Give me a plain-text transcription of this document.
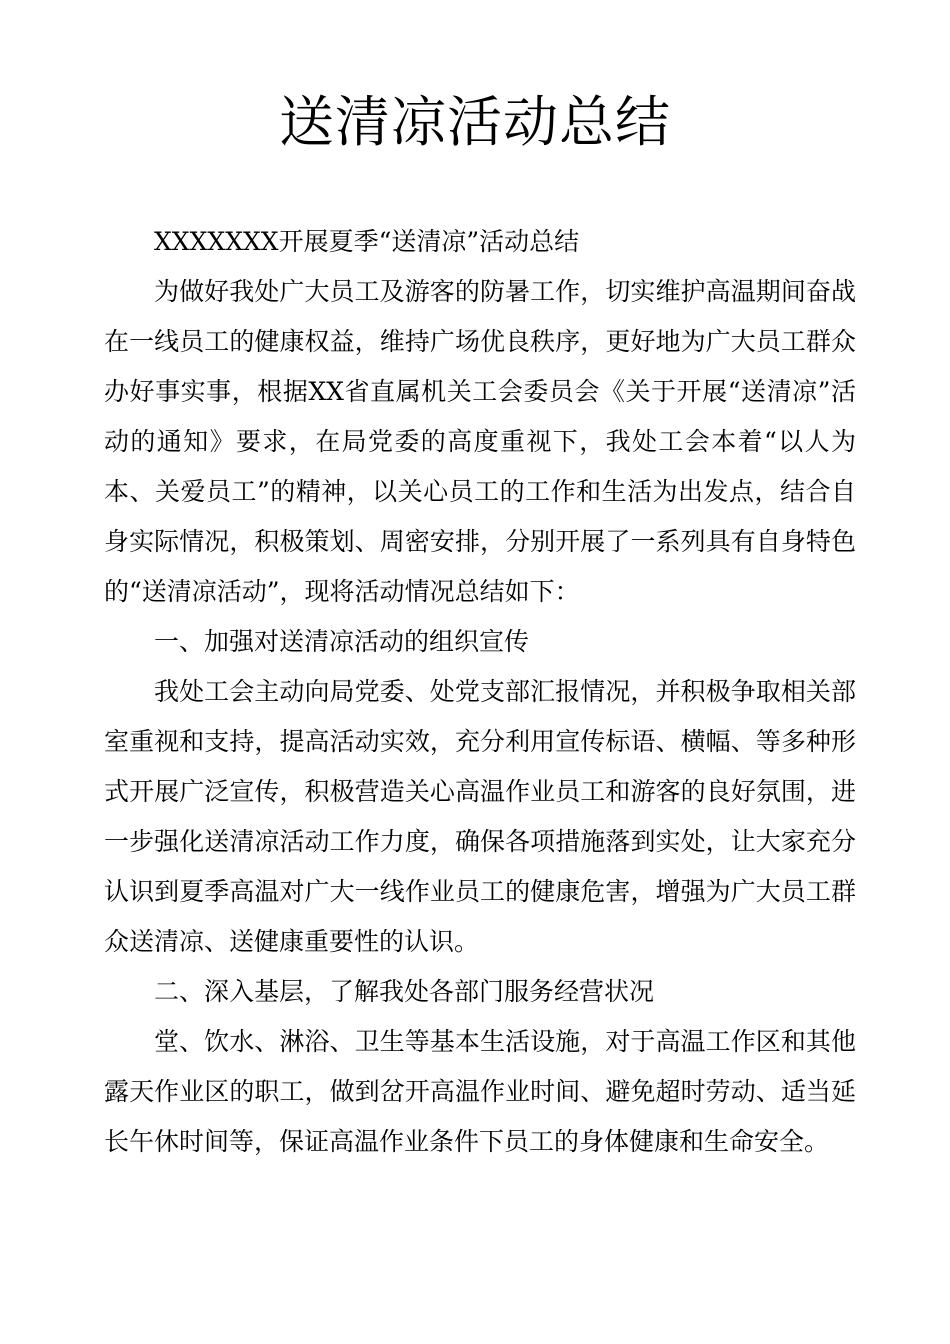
送清凉活动总结

XXXXXXX开展夏季“送清凉”活动总结

为做好我处广大员工及游客的防暑工作，切实维护高温期间奋战在一线员工的健康权益，维持广场优良秩序，更好地为广大员工群众办好事实事，根据XX省直属机关工会委员会《关于开展“送清凉”活动的通知》要求，在局党委的高度重视下，我处工会本着“以人为本、关爱员工”的精神，以关心员工的工作和生活为出发点，结合自身实际情况，积极策划、周密安排，分别开展了一系列具有自身特色的“送清凉活动”，现将活动情况总结如下：

一、加强对送清凉活动的组织宣传

我处工会主动向局党委、处党支部汇报情况，并积极争取相关部室重视和支持，提高活动实效，充分利用宣传标语、横幅、等多种形式开展广泛宣传，积极营造关心高温作业员工和游客的良好氛围，进一步强化送清凉活动工作力度，确保各项措施落到实处，让大家充分认识到夏季高温对广大一线作业员工的健康危害，增强为广大员工群众送清凉、送健康重要性的认识。

二、深入基层，了解我处各部门服务经营状况

堂、饮水、淋浴、卫生等基本生活设施，对于高温工作区和其他露天作业区的职工，做到岔开高温作业时间、避免超时劳动、适当延长午休时间等，保证高温作业条件下员工的身体健康和生命安全。
